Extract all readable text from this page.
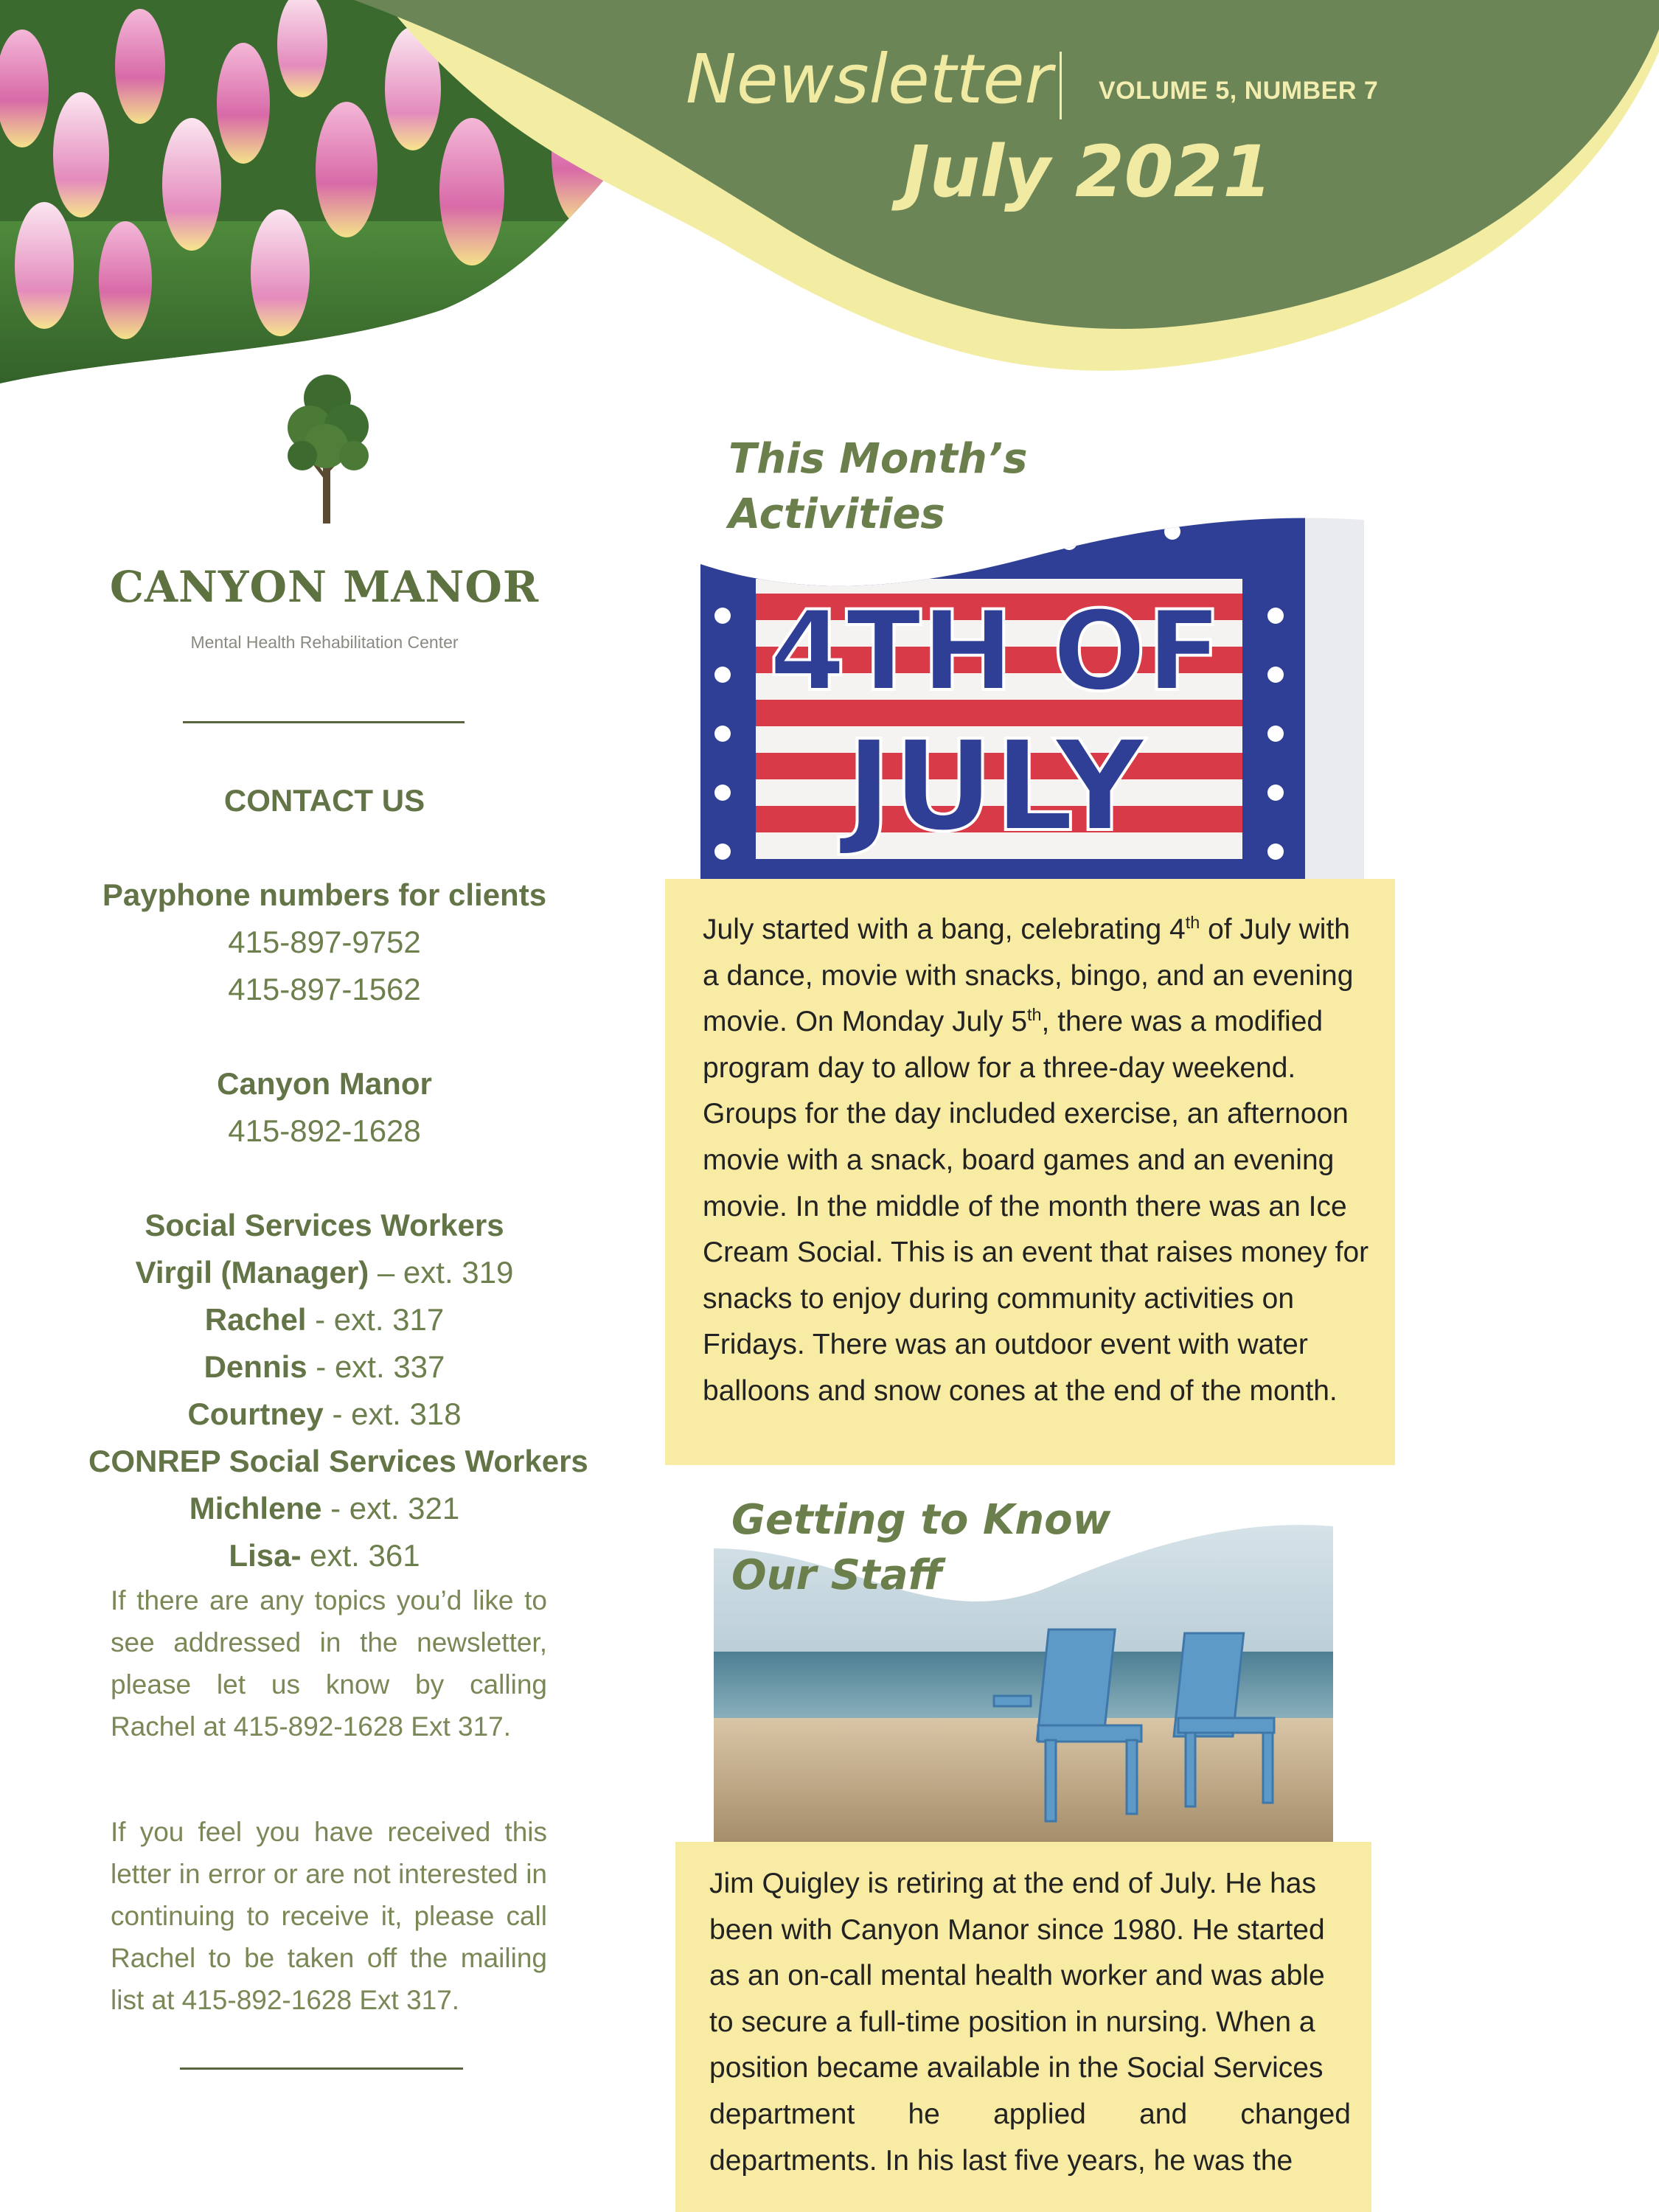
Newsletter VOLUME 5, NUMBER 7
July 2021
CANYON MANOR
Mental Health Rehabilitation Center
CONTACT US
Payphone numbers for clients
415-897-9752
415-897-1562
Canyon Manor
415-892-1628
Social Services Workers
Virgil (Manager) – ext. 319
Rachel - ext. 317
Dennis - ext. 337
Courtney - ext. 318
CONREP Social Services Workers
Michlene - ext. 321
Lisa- ext. 361
If there are any topics you’d like to see addressed in the newsletter, please let us know by calling Rachel at 415-892-1628 Ext 317.
If you feel you have received this letter in error or are not interested in continuing to receive it, please call Rachel to be taken off the mailing list at 415-892-1628 Ext 317.
This Month’s
Activities
4TH OF
JULY
July started with a bang, celebrating 4th of July with
a dance, movie with snacks, bingo, and an evening
movie. On Monday July 5th, there was a modified
program day to allow for a three-day weekend.
Groups for the day included exercise, an afternoon
movie with a snack, board games and an evening
movie. In the middle of the month there was an Ice
Cream Social. This is an event that raises money for
snacks to enjoy during community activities on
Fridays. There was an outdoor event with water
balloons and snow cones at the end of the month.
Getting to Know
Our Staff
Jim Quigley is retiring at the end of July. He has
been with Canyon Manor since 1980. He started
as an on-call mental health worker and was able
to secure a full-time position in nursing. When a
position became available in the Social Services
department he applied and changed
departments. In his last five years, he was the
